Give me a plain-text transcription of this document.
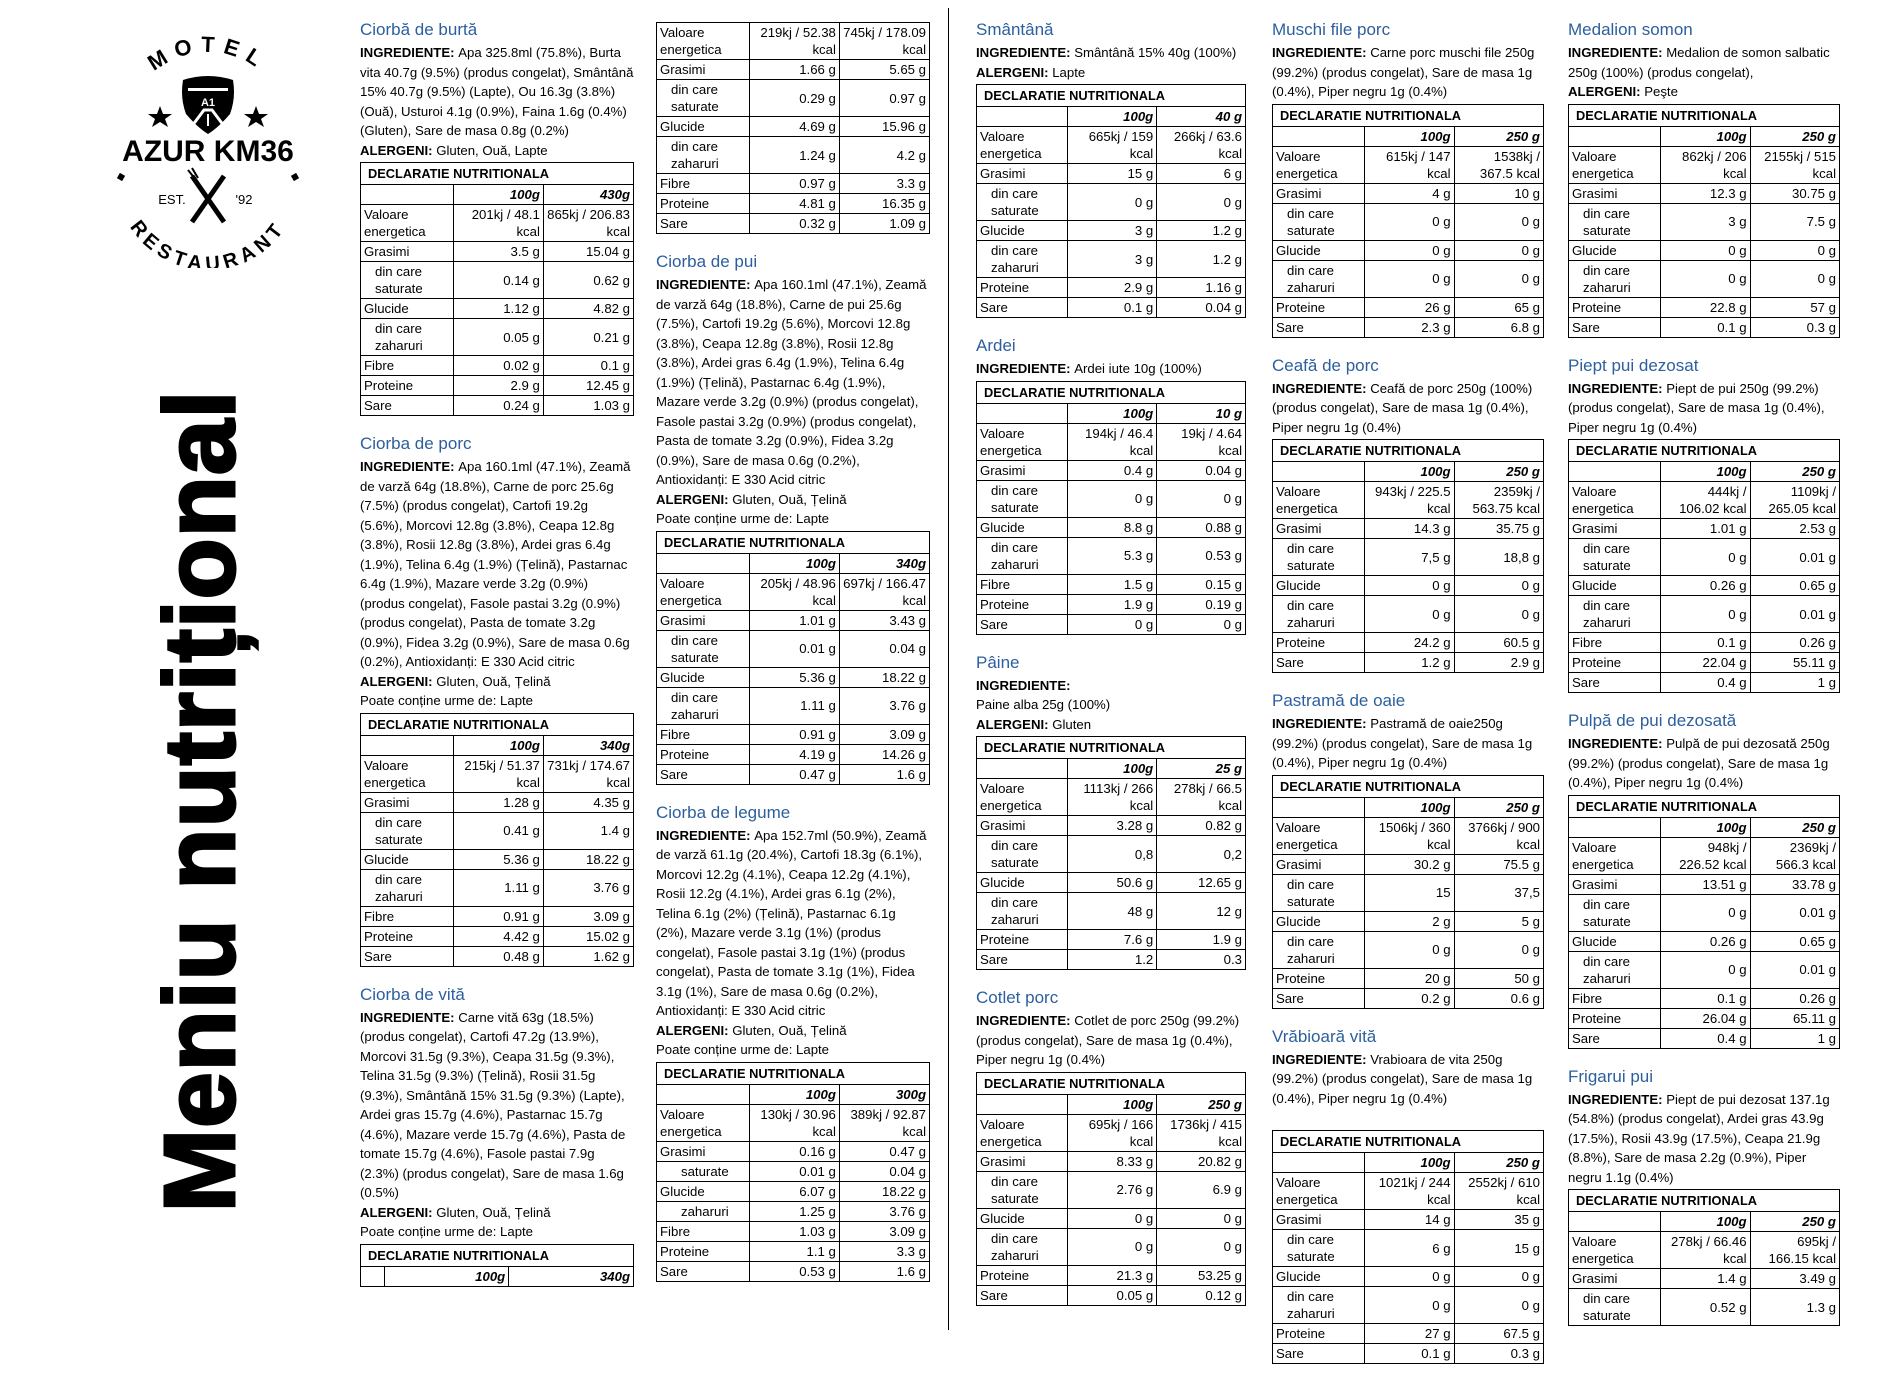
MOTEL
A1
AZUR KM36
EST.	'92
RESTAURANT
Meniu nutrițional
Ciorbă de burtă

INGREDIENTE: Apa 325.8ml (75.8%), Burta vita 40.7g (9.5%) (produs congelat), Smântână 15% 40.7g (9.5%) (Lapte), Ou 16.3g (3.8%) (Ouă), Usturoi 4.1g (0.9%), Faina 1.6g (0.4%) (Gluten), Sare de masa 0.8g (0.2%)

ALERGENI: Gluten, Ouă, Lapte

DECLARATIE NUTRITIONALA		
	100g	430g
Valoare energetica	201kj / 48.1 kcal	865kj / 206.83 kcal
Grasimi	3.5 g	15.04 g
din care saturate	0.14 g	0.62 g
Glucide	1.12 g	4.82 g
din care zaharuri	0.05 g	0.21 g
Fibre	0.02 g	0.1 g
Proteine	2.9 g	12.45 g
Sare	0.24 g	1.03 g
Ciorba de porc

INGREDIENTE: Apa 160.1ml (47.1%), Zeamă de varză 64g (18.8%), Carne de porc 25.6g (7.5%) (produs congelat), Cartofi 19.2g (5.6%), Morcovi 12.8g (3.8%), Ceapa 12.8g (3.8%), Rosii 12.8g (3.8%), Ardei gras 6.4g (1.9%), Telina 6.4g (1.9%) (Țelină), Pastarnac 6.4g (1.9%), Mazare verde 3.2g (0.9%) (produs congelat), Fasole pastai 3.2g (0.9%) (produs congelat), Pasta de tomate 3.2g (0.9%), Fidea 3.2g (0.9%), Sare de masa 0.6g (0.2%), Antioxidanți: E 330 Acid citric

ALERGENI: Gluten, Ouă, Țelină

Poate conține urme de: Lapte

DECLARATIE NUTRITIONALA		
	100g	340g
Valoare energetica	215kj / 51.37 kcal	731kj / 174.67 kcal
Grasimi	1.28 g	4.35 g
din care saturate	0.41 g	1.4 g
Glucide	5.36 g	18.22 g
din care zaharuri	1.11 g	3.76 g
Fibre	0.91 g	3.09 g
Proteine	4.42 g	15.02 g
Sare	0.48 g	1.62 g
Ciorba de vită

INGREDIENTE: Carne vită 63g (18.5%) (produs congelat), Cartofi 47.2g (13.9%), Morcovi 31.5g (9.3%), Ceapa 31.5g (9.3%), Telina 31.5g (9.3%) (Țelină), Rosii 31.5g (9.3%), Smântână 15% 31.5g (9.3%) (Lapte), Ardei gras 15.7g (4.6%), Pastarnac 15.7g (4.6%), Mazare verde 15.7g (4.6%), Pasta de tomate 15.7g (4.6%), Fasole pastai 7.9g (2.3%) (produs congelat), Sare de masa 1.6g (0.5%)

ALERGENI: Gluten, Ouă, Țelină

Poate conține urme de: Lapte

DECLARATIE NUTRITIONALA
	100g	340g
Valoare energetica	219kj / 52.38 kcal	745kj / 178.09 kcal
Grasimi	1.66 g	5.65 g
din care saturate	0.29 g	0.97 g
Glucide	4.69 g	15.96 g
din care zaharuri	1.24 g	4.2 g
Fibre	0.97 g	3.3 g
Proteine	4.81 g	16.35 g
Sare	0.32 g	1.09 g
Ciorba de pui

INGREDIENTE: Apa 160.1ml (47.1%), Zeamă de varză 64g (18.8%), Carne de pui 25.6g (7.5%), Cartofi 19.2g (5.6%), Morcovi 12.8g (3.8%), Ceapa 12.8g (3.8%), Rosii 12.8g (3.8%), Ardei gras 6.4g (1.9%), Telina 6.4g (1.9%) (Țelină), Pastarnac 6.4g (1.9%), Mazare verde 3.2g (0.9%) (produs congelat), Fasole pastai 3.2g (0.9%) (produs congelat), Pasta de tomate 3.2g (0.9%), Fidea 3.2g (0.9%), Sare de masa 0.6g (0.2%), Antioxidanți: E 330 Acid citric

ALERGENI: Gluten, Ouă, Țelină

Poate conține urme de: Lapte

DECLARATIE NUTRITIONALA		
	100g	340g
Valoare energetica	205kj / 48.96 kcal	697kj / 166.47 kcal
Grasimi	1.01 g	3.43 g
din care saturate	0.01 g	0.04 g
Glucide	5.36 g	18.22 g
din care zaharuri	1.11 g	3.76 g
Fibre	0.91 g	3.09 g
Proteine	4.19 g	14.26 g
Sare	0.47 g	1.6 g
Ciorba de legume

INGREDIENTE: Apa 152.7ml (50.9%), Zeamă de varză 61.1g (20.4%), Cartofi 18.3g (6.1%), Morcovi 12.2g (4.1%), Ceapa 12.2g (4.1%), Rosii 12.2g (4.1%), Ardei gras 6.1g (2%), Telina 6.1g (2%) (Țelină), Pastarnac 6.1g (2%), Mazare verde 3.1g (1%) (produs congelat), Fasole pastai 3.1g (1%) (produs congelat), Pasta de tomate 3.1g (1%), Fidea 3.1g (1%), Sare de masa 0.6g (0.2%), Antioxidanți: E 330 Acid citric

ALERGENI: Gluten, Ouă, Țelină

Poate conține urme de: Lapte

DECLARATIE NUTRITIONALA		
	100g	300g
Valoare energetica	130kj / 30.96 kcal	389kj / 92.87 kcal
Grasimi	0.16 g	0.47 g
saturate	0.01 g	0.04 g
Glucide	6.07 g	18.22 g
zaharuri	1.25 g	3.76 g
Fibre	1.03 g	3.09 g
Proteine	1.1 g	3.3 g
Sare	0.53 g	1.6 g
Smântână

INGREDIENTE: Smântână 15% 40g (100%)

ALERGENI: Lapte

DECLARATIE NUTRITIONALA		
	100g	40 g
Valoare energetica	665kj / 159 kcal	266kj / 63.6 kcal
Grasimi	15 g	6 g
din care saturate	0 g	0 g
Glucide	3 g	1.2 g
din care zaharuri	3 g	1.2 g
Proteine	2.9 g	1.16 g
Sare	0.1 g	0.04 g
Ardei

INGREDIENTE: Ardei iute 10g (100%)

DECLARATIE NUTRITIONALA		
	100g	10 g
Valoare energetica	194kj / 46.4 kcal	19kj / 4.64 kcal
Grasimi	0.4 g	0.04 g
din care saturate	0 g	0 g
Glucide	8.8 g	0.88 g
din care zaharuri	5.3 g	0.53 g
Fibre	1.5 g	0.15 g
Proteine	1.9 g	0.19 g
Sare	0 g	0 g
Pâine

INGREDIENTE:

Paine alba 25g (100%)

ALERGENI: Gluten

DECLARATIE NUTRITIONALA		
	100g	25 g
Valoare energetica	1113kj / 266 kcal	278kj / 66.5 kcal
Grasimi	3.28 g	0.82 g
din care saturate	0,8	0,2
Glucide	50.6 g	12.65 g
din care zaharuri	48 g	12 g
Proteine	7.6 g	1.9 g
Sare	1.2	0.3
Cotlet porc

INGREDIENTE: Cotlet de porc 250g (99.2%) (produs congelat), Sare de masa 1g (0.4%), Piper negru 1g (0.4%)

DECLARATIE NUTRITIONALA		
	100g	250 g
Valoare energetica	695kj / 166 kcal	1736kj / 415 kcal
Grasimi	8.33 g	20.82 g
din care saturate	2.76 g	6.9 g
Glucide	0 g	0 g
din care zaharuri	0 g	0 g
Proteine	21.3 g	53.25 g
Sare	0.05 g	0.12 g
Muschi file porc

INGREDIENTE: Carne porc muschi file 250g (99.2%) (produs congelat), Sare de masa 1g (0.4%), Piper negru 1g (0.4%)

DECLARATIE NUTRITIONALA		
	100g	250 g
Valoare energetica	615kj / 147 kcal	1538kj / 367.5 kcal
Grasimi	4 g	10 g
din care saturate	0 g	0 g
Glucide	0 g	0 g
din care zaharuri	0 g	0 g
Proteine	26 g	65 g
Sare	2.3 g	6.8 g
Ceafă de porc

INGREDIENTE: Ceafă de porc 250g (100%) (produs congelat), Sare de masa 1g (0.4%), Piper negru 1g (0.4%)

DECLARATIE NUTRITIONALA		
	100g	250 g
Valoare energetica	943kj / 225.5 kcal	2359kj / 563.75 kcal
Grasimi	14.3 g	35.75 g
din care saturate	7,5 g	18,8 g
Glucide	0 g	0 g
din care zaharuri	0 g	0 g
Proteine	24.2 g	60.5 g
Sare	1.2 g	2.9 g
Pastramă de oaie

INGREDIENTE: Pastramă de oaie250g (99.2%) (produs congelat), Sare de masa 1g (0.4%), Piper negru 1g (0.4%)

DECLARATIE NUTRITIONALA		
	100g	250 g
Valoare energetica	1506kj / 360 kcal	3766kj / 900 kcal
Grasimi	30.2 g	75.5 g
din care saturate	15	37,5
Glucide	2 g	5 g
din care zaharuri	0 g	0 g
Proteine	20 g	50 g
Sare	0.2 g	0.6 g
Vrăbioară vită

INGREDIENTE: Vrabioara de vita 250g (99.2%) (produs congelat), Sare de masa 1g (0.4%), Piper negru 1g (0.4%)

DECLARATIE NUTRITIONALA		
	100g	250 g
Valoare energetica	1021kj / 244 kcal	2552kj / 610 kcal
Grasimi	14 g	35 g
din care saturate	6 g	15 g
Glucide	0 g	0 g
din care zaharuri	0 g	0 g
Proteine	27 g	67.5 g
Sare	0.1 g	0.3 g
Medalion somon

INGREDIENTE: Medalion de somon salbatic 250g (100%) (produs congelat),

ALERGENI: Peşte

DECLARATIE NUTRITIONALA		
	100g	250 g
Valoare energetica	862kj / 206 kcal	2155kj / 515 kcal
Grasimi	12.3 g	30.75 g
din care saturate	3 g	7.5 g
Glucide	0 g	0 g
din care zaharuri	0 g	0 g
Proteine	22.8 g	57 g
Sare	0.1 g	0.3 g
Piept pui dezosat

INGREDIENTE: Piept de pui 250g (99.2%) (produs congelat), Sare de masa 1g (0.4%), Piper negru 1g (0.4%)

DECLARATIE NUTRITIONALA		
	100g	250 g
Valoare energetica	444kj / 106.02 kcal	1109kj / 265.05 kcal
Grasimi	1.01 g	2.53 g
din care saturate	0 g	0.01 g
Glucide	0.26 g	0.65 g
din care zaharuri	0 g	0.01 g
Fibre	0.1 g	0.26 g
Proteine	22.04 g	55.11 g
Sare	0.4 g	1 g
Pulpă de pui dezosată

INGREDIENTE: Pulpă de pui dezosată 250g (99.2%) (produs congelat), Sare de masa 1g (0.4%), Piper negru 1g (0.4%)

DECLARATIE NUTRITIONALA		
	100g	250 g
Valoare energetica	948kj / 226.52 kcal	2369kj / 566.3 kcal
Grasimi	13.51 g	33.78 g
din care saturate	0 g	0.01 g
Glucide	0.26 g	0.65 g
din care zaharuri	0 g	0.01 g
Fibre	0.1 g	0.26 g
Proteine	26.04 g	65.11 g
Sare	0.4 g	1 g
Frigarui pui

INGREDIENTE: Piept de pui dezosat 137.1g (54.8%) (produs congelat), Ardei gras 43.9g (17.5%), Rosii 43.9g (17.5%), Ceapa 21.9g (8.8%), Sare de masa 2.2g (0.9%), Piper negru 1.1g (0.4%)

DECLARATIE NUTRITIONALA		
	100g	250 g
Valoare energetica	278kj / 66.46 kcal	695kj / 166.15 kcal
Grasimi	1.4 g	3.49 g
din care saturate	0.52 g	1.3 g
